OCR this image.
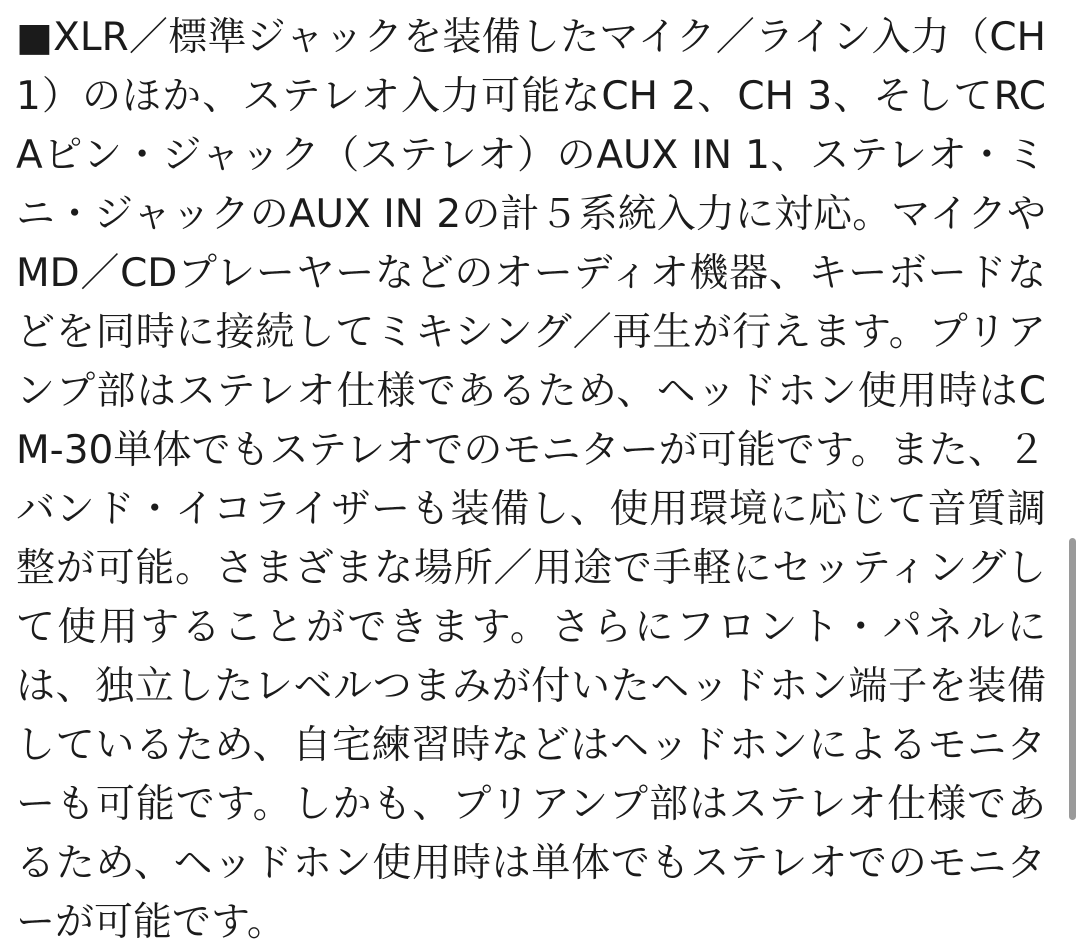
■XLR／標準ジャックを装備したマイク／ライン入力（CH 1）のほか、ステレオ入力可能なCH 2、CH 3、そしてRCAピン・ジャック（ステレオ）のAUX IN 1、ステレオ・ミニ・ジャックのAUX IN 2の計５系統入力に対応。マイクやMD／CDプレーヤーなどのオーディオ機器、キーボードなどを同時に接続してミキシング／再生が行えます。プリアンプ部はステレオ仕様であるため、ヘッドホン使用時はCM-30単体でもステレオでのモニターが可能です。また、２バンド・イコライザーも装備し、使用環境に応じて音質調整が可能。さまざまな場所／用途で手軽にセッティングして使用することができます。さらにフロント・パネルには、独立したレベルつまみが付いたヘッドホン端子を装備しているため、自宅練習時などはヘッドホンによるモニターも可能です。しかも、プリアンプ部はステレオ仕様であるため、ヘッドホン使用時は単体でもステレオでのモニターが可能です。
